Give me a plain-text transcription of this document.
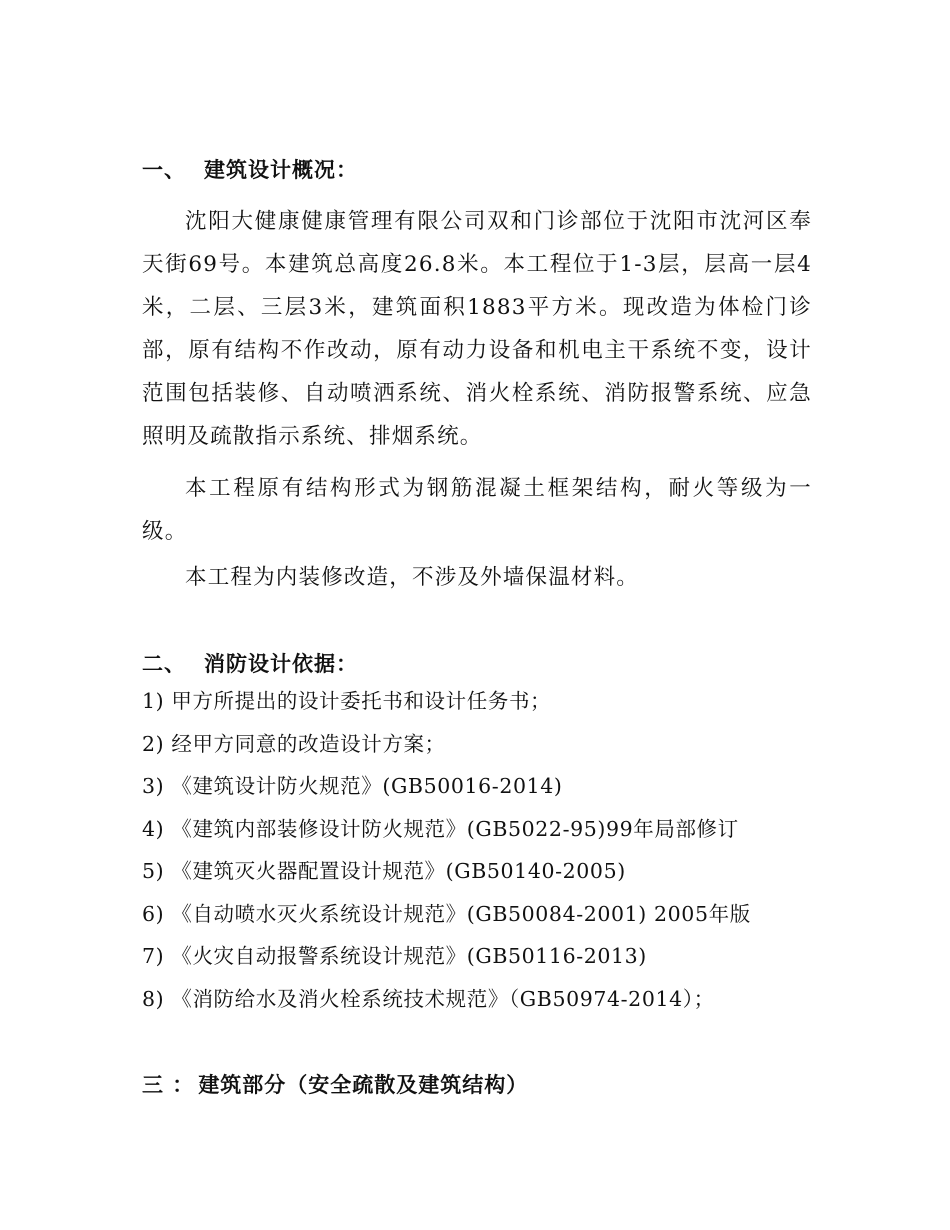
一、 建筑设计概况：

沈阳大健康健康管理有限公司双和门诊部位于沈阳市沈河区奉天街69号。本建筑总高度26.8米。本工程位于1-3层，层高一层4米，二层、三层3米，建筑面积1883平方米。现改造为体检门诊部，原有结构不作改动，原有动力设备和机电主干系统不变，设计范围包括装修、自动喷洒系统、消火栓系统、消防报警系统、应急照明及疏散指示系统、排烟系统。

本工程原有结构形式为钢筋混凝土框架结构，耐火等级为一级。

本工程为内装修改造，不涉及外墙保温材料。

二、 消防设计依据：
1) 甲方所提出的设计委托书和设计任务书；
2) 经甲方同意的改造设计方案；
3) 《建筑设计防火规范》(GB50016-2014)
4) 《建筑内部装修设计防火规范》(GB5022-95)99年局部修订
5) 《建筑灭火器配置设计规范》(GB50140-2005)
6) 《自动喷水灭火系统设计规范》(GB50084-2001) 2005年版
7) 《火灾自动报警系统设计规范》(GB50116-2013)
8) 《消防给水及消火栓系统技术规范》（GB50974-2014）；
三 ： 建筑部分（安全疏散及建筑结构）
